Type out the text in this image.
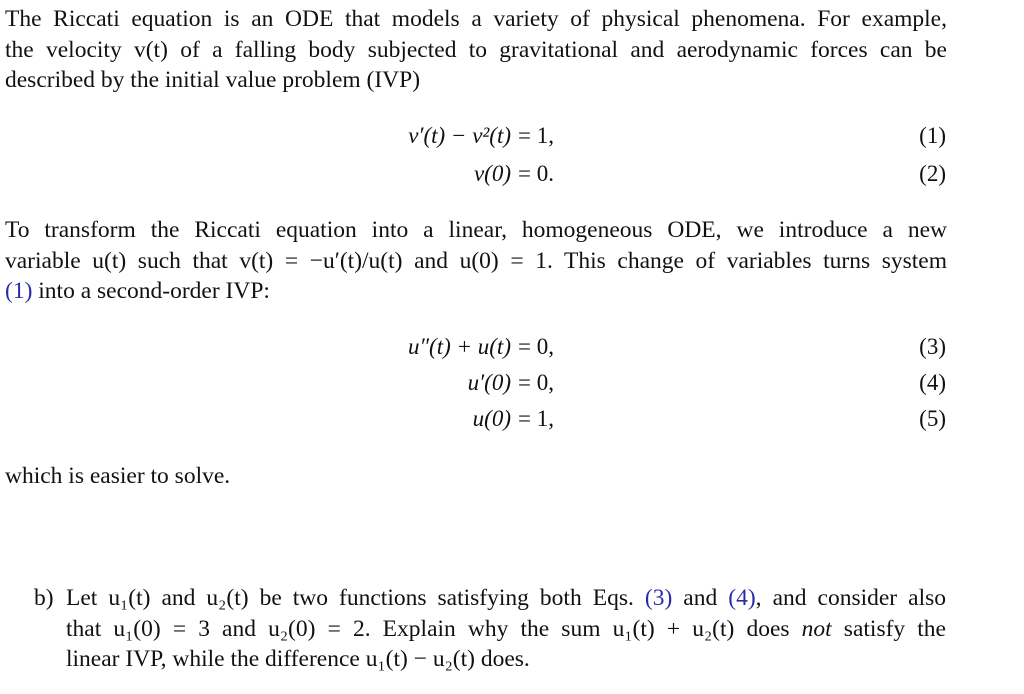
The Riccati equation is an ODE that models a variety of physical phenomena. For example,
the velocity v(t) of a falling body subjected to gravitational and aerodynamic forces can be
described by the initial value problem (IVP)
v′(t) − v²(t) = 1,	(1)
v(0) = 0.	(2)
To transform the Riccati equation into a linear, homogeneous ODE, we introduce a new
variable u(t) such that v(t) = −u′(t)/u(t) and u(0) = 1. This change of variables turns system
(1) into a second-order IVP:
u″(t) + u(t) = 0,	(3)
u′(0) = 0,	(4)
u(0) = 1,	(5)
which is easier to solve.
b) Let u₁(t) and u₂(t) be two functions satisfying both Eqs. (3) and (4), and consider also
that u₁(0) = 3 and u₂(0) = 2. Explain why the sum u₁(t) + u₂(t) does not satisfy the
linear IVP, while the difference u₁(t) − u₂(t) does.
